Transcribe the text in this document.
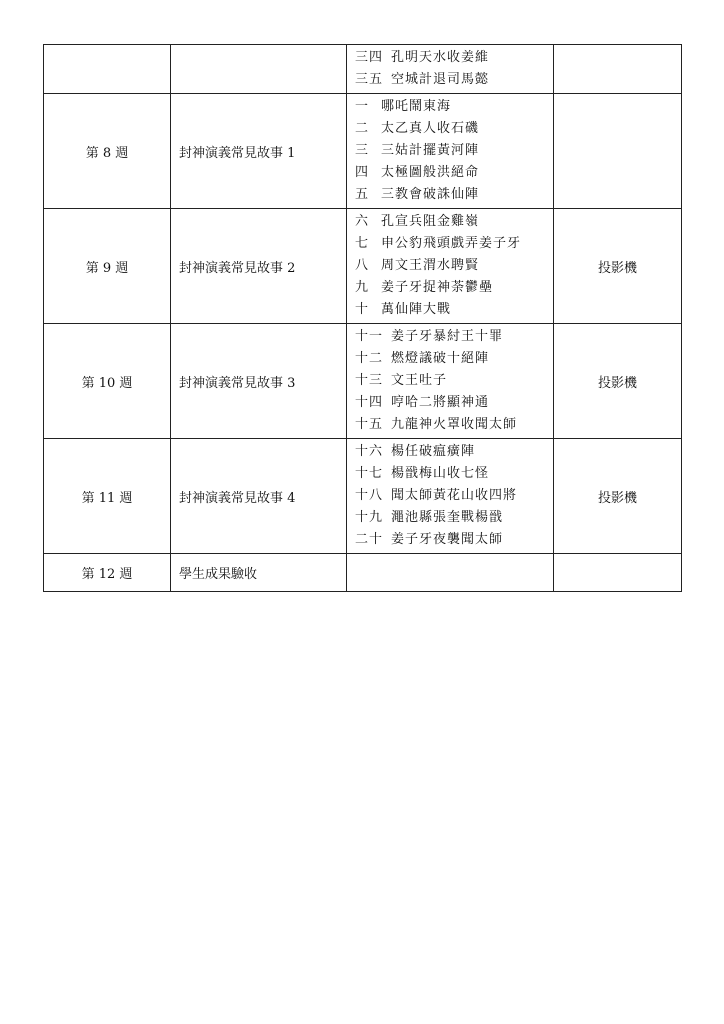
		三四 孔明天水收姜維
三五 空城計退司馬懿	

第 8 週	封神演義常見故事 1	一 哪吒鬧東海
二 太乙真人收石磯
三 三姑計擺黃河陣
四 太極圖般洪絕命
五 三教會破誅仙陣	

第 9 週	封神演義常見故事 2	六 孔宣兵阻金雞嶺
七 申公豹飛頭戲弄姜子牙
八 周文王渭水聘賢
九 姜子牙捉神荼鬱壘
十 萬仙陣大戰	投影機
第 10 週	封神演義常見故事 3	十一 姜子牙暴紂王十罪
十二 燃燈議破十絕陣
十三 文王吐子
十四 哼哈二將顯神通
十五 九龍神火罩收聞太師	投影機
第 11 週	封神演義常見故事 4	十六 楊任破瘟癀陣
十七 楊戩梅山收七怪
十八 聞太師黃花山收四將
十九 澠池縣張奎戰楊戩
二十 姜子牙夜襲聞太師	投影機
第 12 週	學生成果驗收		
